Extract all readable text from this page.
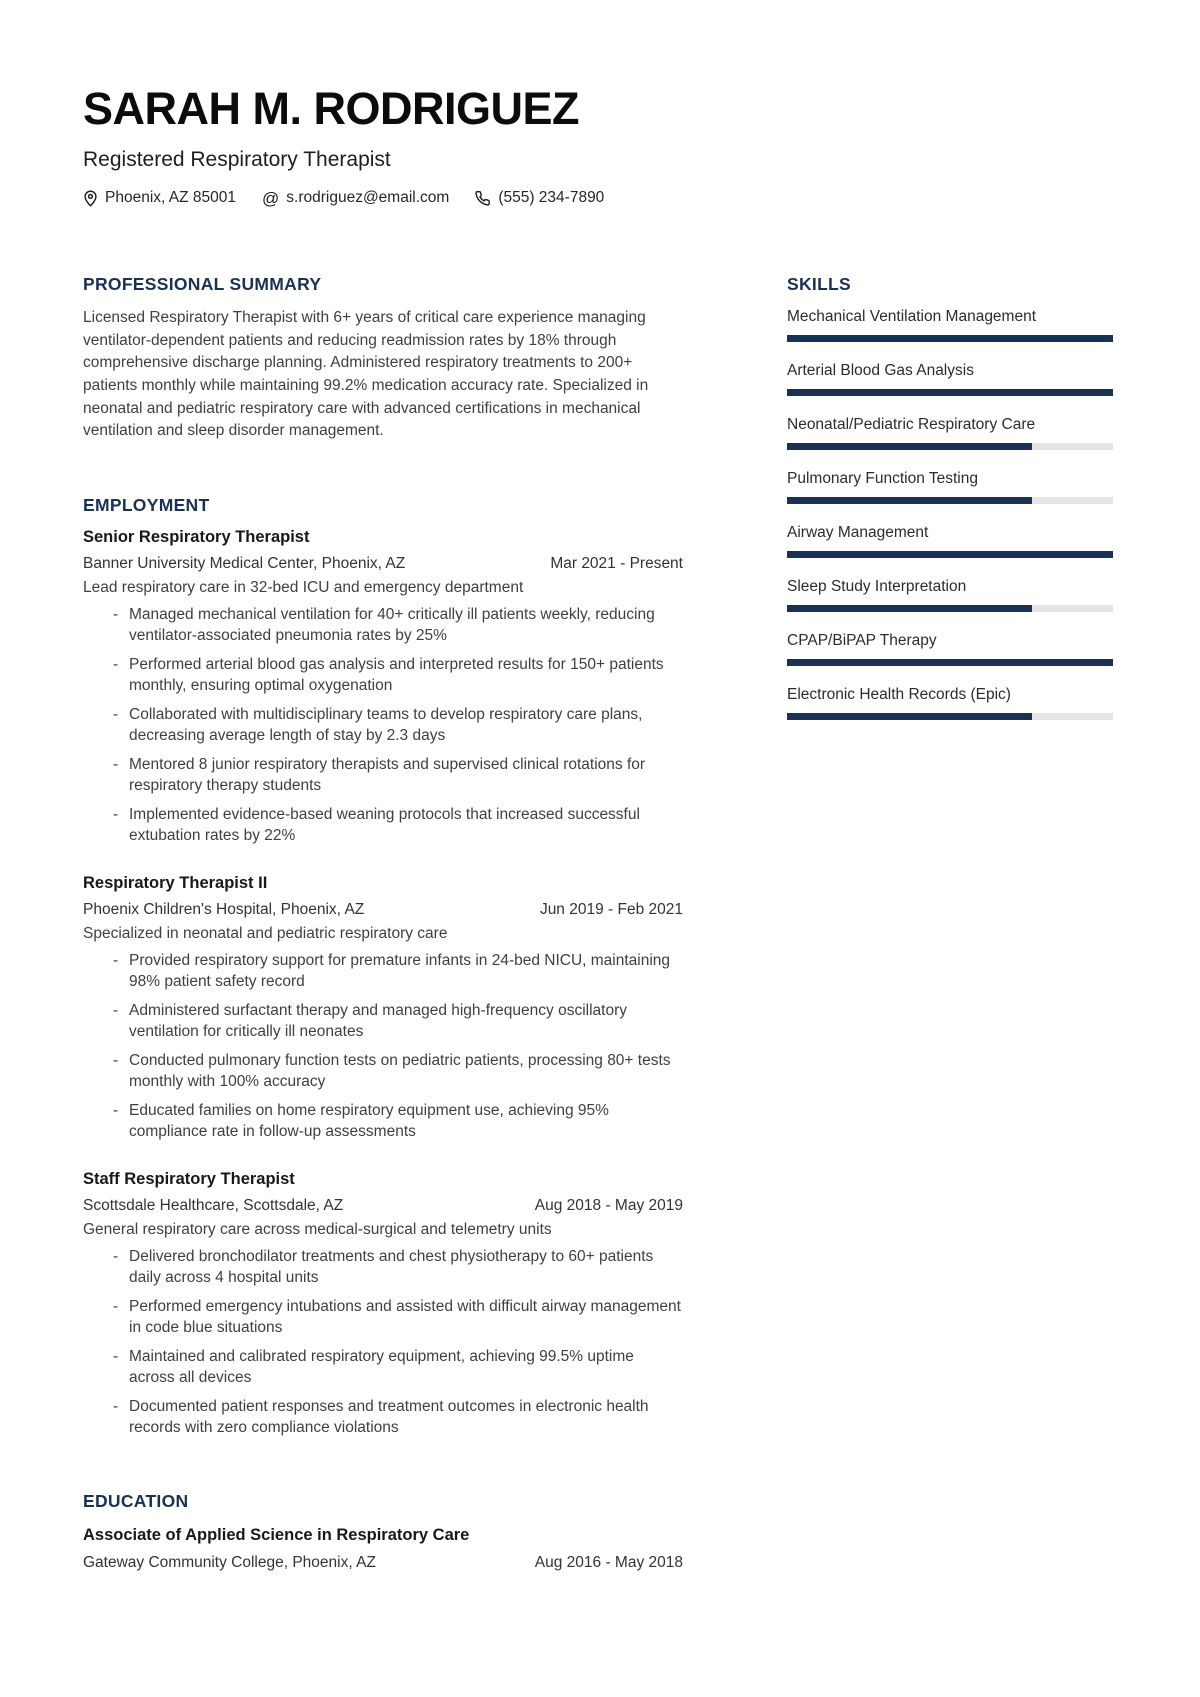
SARAH M. RODRIGUEZ
Registered Respiratory Therapist
Phoenix, AZ 85001 @ s.rodriguez@email.com	(555) 234-7890
PROFESSIONAL SUMMARY

Licensed Respiratory Therapist with 6+ years of critical care experience managing ventilator-dependent patients and reducing readmission rates by 18% through comprehensive discharge planning. Administered respiratory treatments to 200+ patients monthly while maintaining 99.2% medication accuracy rate. Specialized in neonatal and pediatric respiratory care with advanced certifications in mechanical ventilation and sleep disorder management.

EMPLOYMENT
Senior Respiratory Therapist
Banner University Medical Center, Phoenix, AZ	Mar 2021 - Present
Lead respiratory care in 32-bed ICU and emergency department
- Managed mechanical ventilation for 40+ critically ill patients weekly, reducing ventilator-associated pneumonia rates by 25%
- Performed arterial blood gas analysis and interpreted results for 150+ patients monthly, ensuring optimal oxygenation
- Collaborated with multidisciplinary teams to develop respiratory care plans, decreasing average length of stay by 2.3 days
- Mentored 8 junior respiratory therapists and supervised clinical rotations for respiratory therapy students
- Implemented evidence-based weaning protocols that increased successful extubation rates by 22%
Respiratory Therapist II
Phoenix Children's Hospital, Phoenix, AZ	Jun 2019 - Feb 2021
Specialized in neonatal and pediatric respiratory care
- Provided respiratory support for premature infants in 24-bed NICU, maintaining 98% patient safety record
- Administered surfactant therapy and managed high-frequency oscillatory ventilation for critically ill neonates
- Conducted pulmonary function tests on pediatric patients, processing 80+ tests monthly with 100% accuracy
- Educated families on home respiratory equipment use, achieving 95% compliance rate in follow-up assessments
Staff Respiratory Therapist
Scottsdale Healthcare, Scottsdale, AZ	Aug 2018 - May 2019
General respiratory care across medical-surgical and telemetry units
- Delivered bronchodilator treatments and chest physiotherapy to 60+ patients daily across 4 hospital units
- Performed emergency intubations and assisted with difficult airway management in code blue situations
- Maintained and calibrated respiratory equipment, achieving 99.5% uptime across all devices
- Documented patient responses and treatment outcomes in electronic health records with zero compliance violations
EDUCATION
Associate of Applied Science in Respiratory Care
Gateway Community College, Phoenix, AZ	Aug 2016 - May 2018
SKILLS
Mechanical Ventilation Management
Arterial Blood Gas Analysis
Neonatal/Pediatric Respiratory Care
Pulmonary Function Testing
Airway Management
Sleep Study Interpretation
CPAP/BiPAP Therapy
Electronic Health Records (Epic)
